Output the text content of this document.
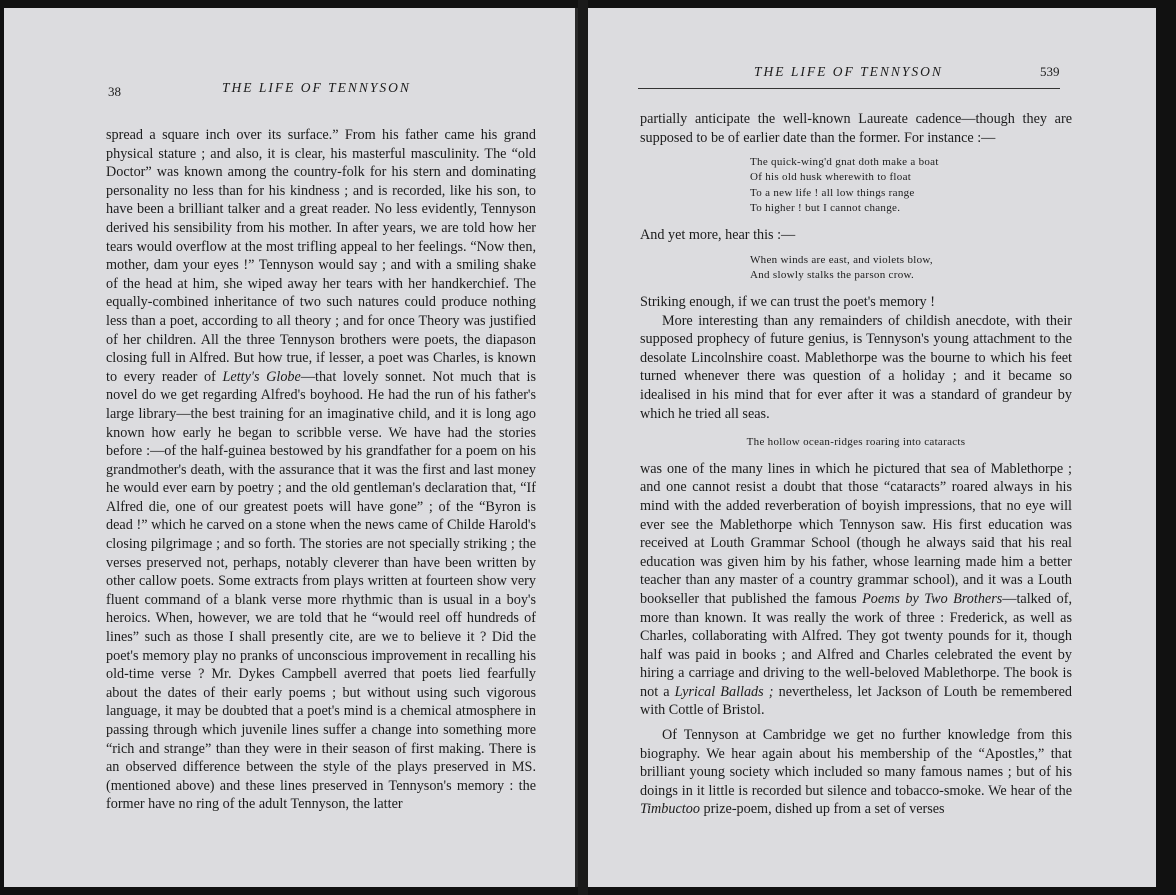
38	THE LIFE OF TENNYSON

spread a square inch over its surface.” From his father came his grand physical stature ; and also, it is clear, his masterful masculinity. The “old Doctor” was known among the country-folk for his stern and dominating personality no less than for his kindness ; and is recorded, like his son, to have been a brilliant talker and a great reader. No less evidently, Tennyson derived his sensibility from his mother. In after years, we are told how her tears would overflow at the most trifling appeal to her feelings. “Now then, mother, dam your eyes !” Tennyson would say ; and with a smiling shake of the head at him, she wiped away her tears with her handkerchief. The equally-combined inheritance of two such natures could produce nothing less than a poet, according to all theory ; and for once Theory was justified of her children. All the three Tennyson brothers were poets, the diapason closing full in Alfred. But how true, if lesser, a poet was Charles, is known to every reader of Letty's Globe—that lovely sonnet. Not much that is novel do we get regarding Alfred's boyhood. He had the run of his father's large library—the best training for an imaginative child, and it is long ago known how early he began to scribble verse. We have had the stories before :—of the half-guinea bestowed by his grandfather for a poem on his grandmother's death, with the assurance that it was the first and last money he would ever earn by poetry ; and the old gentleman's declaration that, “If Alfred die, one of our greatest poets will have gone” ; of the “Byron is dead !” which he carved on a stone when the news came of Childe Harold's closing pilgrimage ; and so forth. The stories are not specially striking ; the verses preserved not, perhaps, notably cleverer than have been written by other callow poets. Some extracts from plays written at fourteen show very fluent command of a blank verse more rhythmic than is usual in a boy's heroics. When, however, we are told that he “would reel off hundreds of lines” such as those I shall presently cite, are we to believe it ? Did the poet's memory play no pranks of unconscious improvement in recalling his old-time verse ? Mr. Dykes Campbell averred that poets lied fearfully about the dates of their early poems ; but without using such vigorous language, it may be doubted that a poet's mind is a chemical atmosphere in passing through which juvenile lines suffer a change into something more “rich and strange” than they were in their season of first making. There is an observed difference between the style of the plays preserved in MS. (mentioned above) and these lines preserved in Tennyson's memory : the former have no ring of the adult Tennyson, the latter

THE LIFE OF TENNYSON	539

partially anticipate the well-known Laureate cadence—though they are supposed to be of earlier date than the former. For instance :—

The quick-wing'd gnat doth make a boat
Of his old husk wherewith to float
To a new life ! all low things range
To higher ! but I cannot change.

And yet more, hear this :—

When winds are east, and violets blow,
And slowly stalks the parson crow.

Striking enough, if we can trust the poet's memory !

More interesting than any remainders of childish anecdote, with their supposed prophecy of future genius, is Tennyson's young attachment to the desolate Lincolnshire coast. Mablethorpe was the bourne to which his feet turned whenever there was question of a holiday ; and it became so idealised in his mind that for ever after it was a standard of grandeur by which he tried all seas.

The hollow ocean-ridges roaring into cataracts

was one of the many lines in which he pictured that sea of Mablethorpe ; and one cannot resist a doubt that those “cataracts” roared always in his mind with the added reverberation of boyish impressions, that no eye will ever see the Mablethorpe which Tennyson saw. His first education was received at Louth Grammar School (though he always said that his real education was given him by his father, whose learning made him a better teacher than any master of a country grammar school), and it was a Louth bookseller that published the famous Poems by Two Brothers—talked of, more than known. It was really the work of three : Frederick, as well as Charles, collaborating with Alfred. They got twenty pounds for it, though half was paid in books ; and Alfred and Charles celebrated the event by hiring a carriage and driving to the well-beloved Mablethorpe. The book is not a Lyrical Ballads ; nevertheless, let Jackson of Louth be remembered with Cottle of Bristol.

Of Tennyson at Cambridge we get no further knowledge from this biography. We hear again about his membership of the “Apostles,” that brilliant young society which included so many famous names ; but of his doings in it little is recorded but silence and tobacco-smoke. We hear of the Timbuctoo prize-poem, dished up from a set of verses
